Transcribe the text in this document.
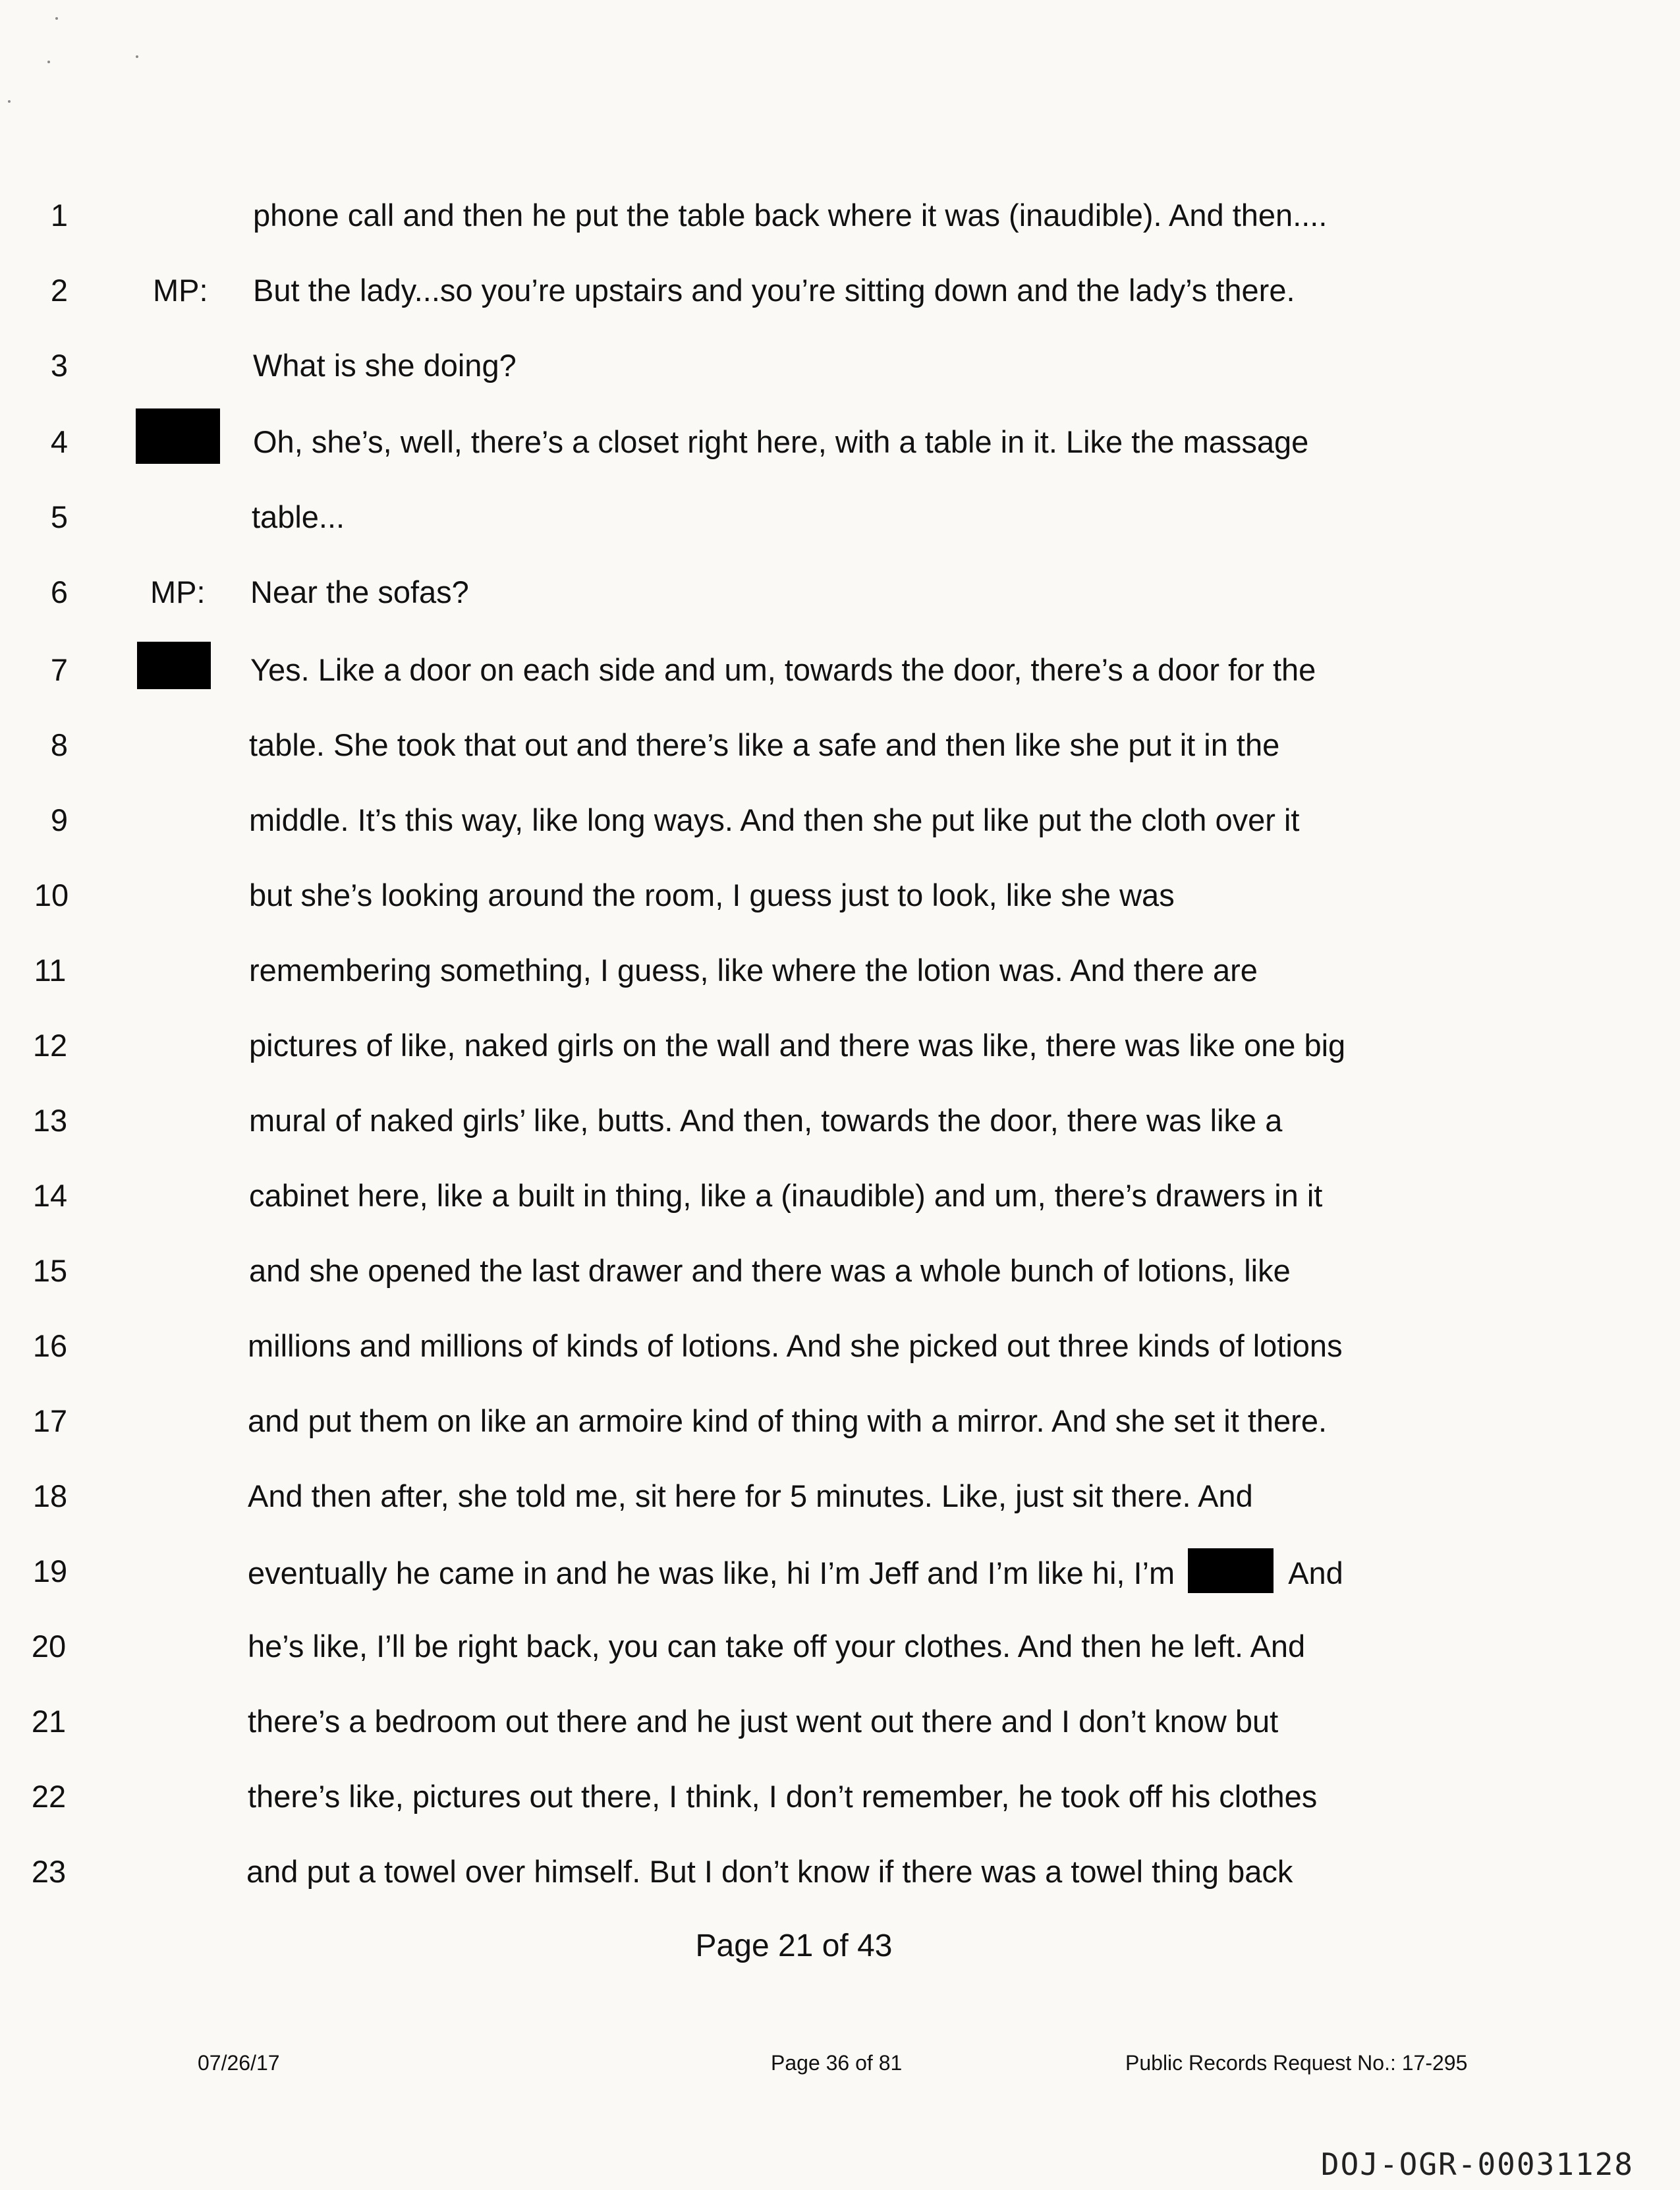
1	phone call and then he put the table back where it was (inaudible). And then....
2	MP: But the lady...so you’re upstairs and you’re sitting down and the lady’s there.
3	What is she doing?
4	Oh, she’s, well, there’s a closet right here, with a table in it. Like the massage
5	table...
6	MP: Near the sofas?
7	Yes. Like a door on each side and um, towards the door, there’s a door for the
8	table. She took that out and there’s like a safe and then like she put it in the
9	middle. It’s this way, like long ways. And then she put like put the cloth over it
10	but she’s looking around the room, I guess just to look, like she was
11	remembering something, I guess, like where the lotion was. And there are
12	pictures of like, naked girls on the wall and there was like, there was like one big
13	mural of naked girls’ like, butts. And then, towards the door, there was like a
14	cabinet here, like a built in thing, like a (inaudible) and um, there’s drawers in it
15	and she opened the last drawer and there was a whole bunch of lotions, like
16	millions and millions of kinds of lotions. And she picked out three kinds of lotions
17	and put them on like an armoire kind of thing with a mirror. And she set it there.
18	And then after, she told me, sit here for 5 minutes. Like, just sit there. And
19	eventually he came in and he was like, hi I’m Jeff and I’m like hi, I’m	And
20	he’s like, I’ll be right back, you can take off your clothes. And then he left. And
21	there’s a bedroom out there and he just went out there and I don’t know but
22	there’s like, pictures out there, I think, I don’t remember, he took off his clothes
23	and put a towel over himself. But I don’t know if there was a towel thing back
Page 21 of 43
07/26/17	Page 36 of 81	Public Records Request No.: 17-295
DOJ-OGR-00031128
